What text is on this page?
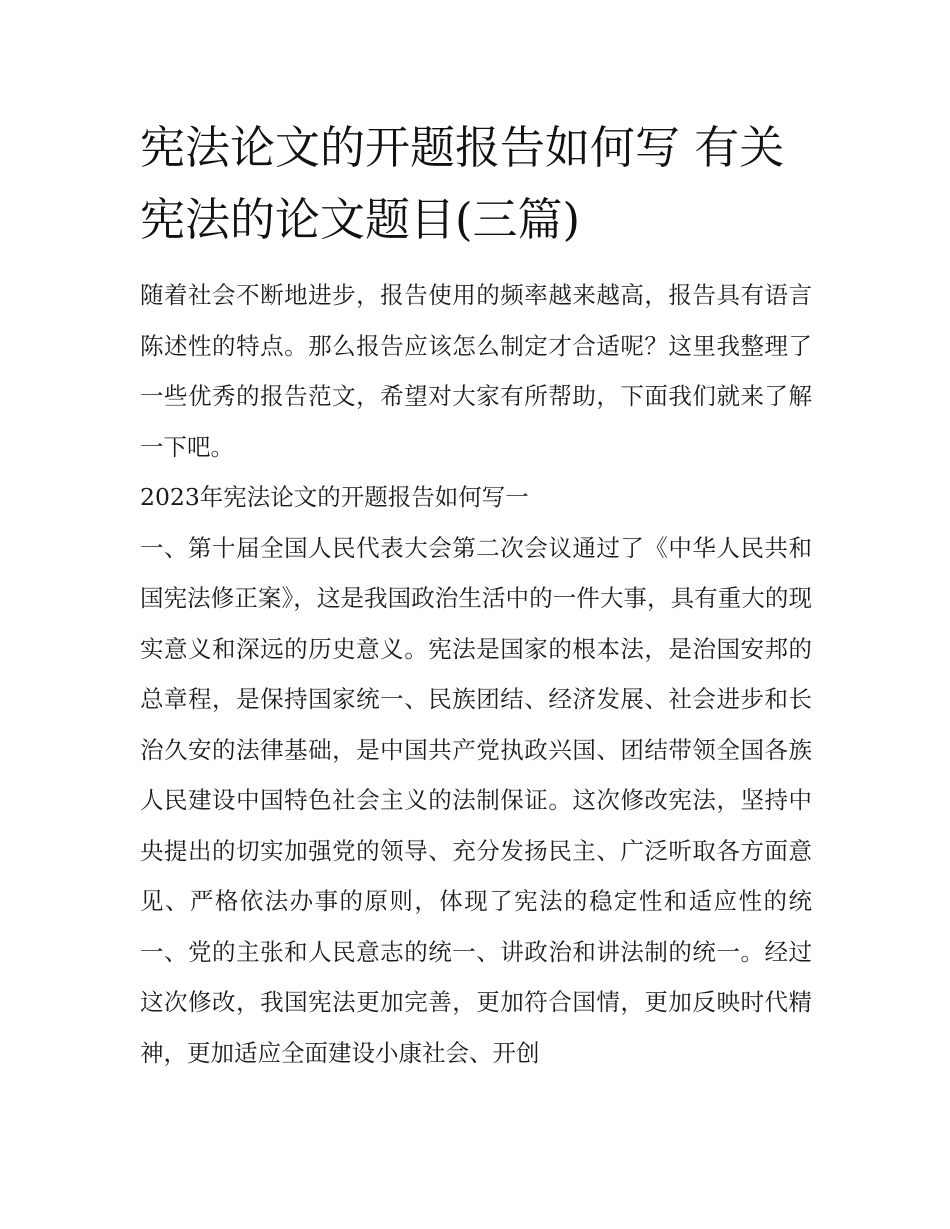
宪法论文的开题报告如何写 有关宪法的论文题目(三篇)

随着社会不断地进步，报告使用的频率越来越高，报告具有语言陈述性的特点。那么报告应该怎么制定才合适呢？这里我整理了一些优秀的报告范文，希望对大家有所帮助，下面我们就来了解一下吧。

2023年宪法论文的开题报告如何写一

一、第十届全国人民代表大会第二次会议通过了《中华人民共和国宪法修正案》，这是我国政治生活中的一件大事，具有重大的现实意义和深远的历史意义。宪法是国家的根本法，是治国安邦的总章程，是保持国家统一、民族团结、经济发展、社会进步和长治久安的法律基础，是中国共产党执政兴国、团结带领全国各族人民建设中国特色社会主义的法制保证。这次修改宪法，坚持中央提出的切实加强党的领导、充分发扬民主、广泛听取各方面意见、严格依法办事的原则，体现了宪法的稳定性和适应性的统一、党的主张和人民意志的统一、讲政治和讲法制的统一。经过这次修改，我国宪法更加完善，更加符合国情，更加反映时代精神，更加适应全面建设小康社会、开创
